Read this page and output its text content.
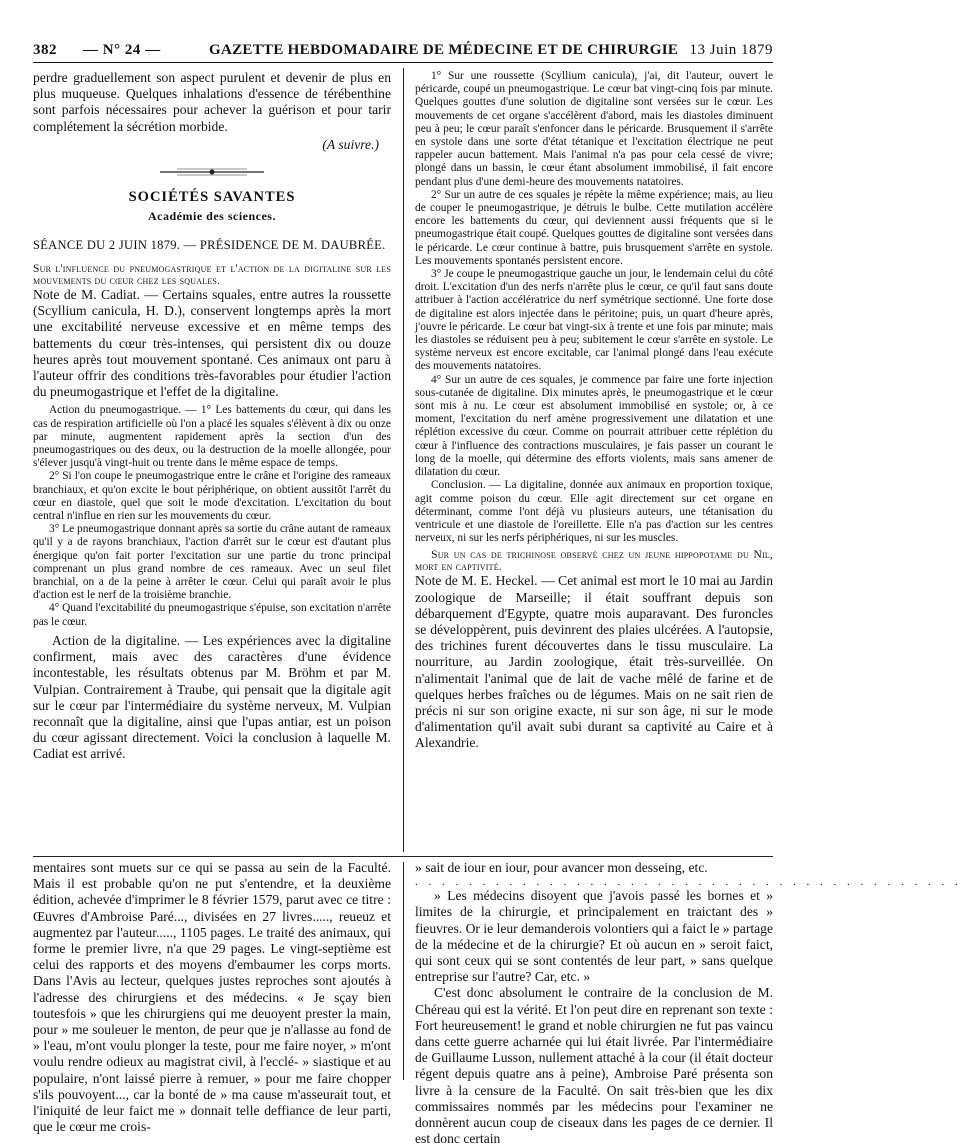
382 — N° 24 —	GAZETTE HEBDOMADAIRE DE MÉDECINE ET DE CHIRURGIE 13 Juin 1879

perdre graduellement son aspect purulent et devenir de plus en plus muqueuse. Quelques inhalations d'essence de térébenthine sont parfois nécessaires pour achever la guérison et pour tarir complétement la sécrétion morbide.

(A suivre.)

SOCIÉTÉS SAVANTES
Académie des sciences.
SÉANCE DU 2 JUIN 1879. — PRÉSIDENCE DE M. DAUBRÉE.

Sur l'influence du pneumogastrique et l'action de la digitaline sur les mouvements du cœur chez les squales.

Note de M. Cadiat. — Certains squales, entre autres la roussette (Scyllium canicula, H. D.), conservent longtemps après la mort une excitabilité nerveuse excessive et en même temps des battements du cœur très-intenses, qui persistent dix ou douze heures après tout mouvement spontané. Ces animaux ont paru à l'auteur offrir des conditions très-favorables pour étudier l'action du pneumogastrique et l'effet de la digitaline.

Action du pneumogastrique. — 1° Les battements du cœur, qui dans les cas de respiration artificielle où l'on a placé les squales s'élèvent à dix ou onze par minute, augmentent rapidement après la section d'un des pneumogastriques ou des deux, ou la destruction de la moelle allongée, pour s'élever jusqu'à vingt-huit ou trente dans le même espace de temps.

2° Si l'on coupe le pneumogastrique entre le crâne et l'origine des rameaux branchiaux, et qu'on excite le bout périphérique, on obtient aussitôt l'arrêt du cœur en diastole, quel que soit le mode d'excitation. L'excitation du bout central n'influe en rien sur les mouvements du cœur.

3° Le pneumogastrique donnant après sa sortie du crâne autant de rameaux qu'il y a de rayons branchiaux, l'action d'arrêt sur le cœur est d'autant plus énergique qu'on fait porter l'excitation sur une partie du tronc principal comprenant un plus grand nombre de ces rameaux. Avec un seul filet branchial, on a de la peine à arrêter le cœur. Celui qui paraît avoir le plus d'action est le nerf de la troisième branchie.

4° Quand l'excitabilité du pneumogastrique s'épuise, son excitation n'arrête pas le cœur.

Action de la digitaline. — Les expériences avec la digitaline confirment, mais avec des caractères d'une évidence incontestable, les résultats obtenus par M. Bröhm et par M. Vulpian. Contrairement à Traube, qui pensait que la digitale agit sur le cœur par l'intermédiaire du système nerveux, M. Vulpian reconnaît que la digitaline, ainsi que l'upas antiar, est un poison du cœur agissant directement. Voici la conclusion à laquelle M. Cadiat est arrivé.

1° Sur une roussette (Scyllium canicula), j'ai, dit l'auteur, ouvert le péricarde, coupé un pneumogastrique. Le cœur bat vingt-cinq fois par minute. Quelques gouttes d'une solution de digitaline sont versées sur le cœur. Les mouvements de cet organe s'accélèrent d'abord, mais les diastoles diminuent peu à peu; le cœur paraît s'enfoncer dans le péricarde. Brusquement il s'arrête en systole dans une sorte d'état tétanique et l'excitation électrique ne peut rappeler aucun battement. Mais l'animal n'a pas pour cela cessé de vivre; plongé dans un bassin, le cœur étant absolument immobilisé, il fait encore pendant plus d'une demi-heure des mouvements natatoires.

2° Sur un autre de ces squales je répète la même expérience; mais, au lieu de couper le pneumogastrique, je détruis le bulbe. Cette mutilation accélère encore les battements du cœur, qui deviennent aussi fréquents que si le pneumogastrique était coupé. Quelques gouttes de digitaline sont versées dans le péricarde. Le cœur continue à battre, puis brusquement s'arrête en systole. Les mouvements spontanés persistent encore.

3° Je coupe le pneumogastrique gauche un jour, le lendemain celui du côté droit. L'excitation d'un des nerfs n'arrête plus le cœur, ce qu'il faut sans doute attribuer à l'action accélératrice du nerf symétrique sectionné. Une forte dose de digitaline est alors injectée dans le péritoine; puis, un quart d'heure après, j'ouvre le péricarde. Le cœur bat vingt-six à trente et une fois par minute; mais les diastoles se réduisent peu à peu; subitement le cœur s'arrête en systole. Le système nerveux est encore excitable, car l'animal plongé dans l'eau exécute des mouvements natatoires.

4° Sur un autre de ces squales, je commence par faire une forte injection sous-cutanée de digitaline. Dix minutes après, le pneumogastrique et le cœur sont mis à nu. Le cœur est absolument immobilisé en systole; or, à ce moment, l'excitation du nerf amène progressivement une dilatation et une réplétion excessive du cœur. Comme on pourrait attribuer cette réplétion du cœur à l'influence des contractions musculaires, je fais passer un courant le long de la moelle, qui détermine des efforts violents, mais sans amener de dilatation du cœur.

Conclusion. — La digitaline, donnée aux animaux en proportion toxique, agit comme poison du cœur. Elle agit directement sur cet organe en déterminant, comme l'ont déjà vu plusieurs auteurs, une tétanisation du ventricule et une diastole de l'oreillette. Elle n'a pas d'action sur les centres nerveux, ni sur les nerfs périphériques, ni sur les muscles.

Sur un cas de trichinose observé chez un jeune hippopotame du Nil, mort en captivité.

Note de M. E. Heckel. — Cet animal est mort le 10 mai au Jardin zoologique de Marseille; il était souffrant depuis son débarquement d'Egypte, quatre mois auparavant. Des furoncles se développèrent, puis devinrent des plaies ulcérées. A l'autopsie, des trichines furent découvertes dans le tissu musculaire. La nourriture, au Jardin zoologique, était très-surveillée. On n'alimentait l'animal que de lait de vache mêlé de farine et de quelques herbes fraîches ou de légumes. Mais on ne sait rien de précis ni sur son origine exacte, ni sur son âge, ni sur le mode d'alimentation qu'il avait subi durant sa captivité au Caire et à Alexandrie.

mentaires sont muets sur ce qui se passa au sein de la Faculté. Mais il est probable qu'on ne put s'entendre, et la deuxième édition, achevée d'imprimer le 8 février 1579, parut avec ce titre : Œuvres d'Ambroise Paré..., divisées en 27 livres....., reueuz et augmentez par l'auteur....., 1105 pages. Le traité des animaux, qui forme le premier livre, n'a que 29 pages. Le vingt-septième est celui des rapports et des moyens d'embaumer les corps morts. Dans l'Avis au lecteur, quelques justes reproches sont ajoutés à l'adresse des chirurgiens et des médecins. « Je sçay bien toutesfois » que les chirurgiens qui me deuoyent prester la main, pour » me souleuer le menton, de peur que je n'allasse au fond de » l'eau, m'ont voulu plonger la teste, pour me faire noyer, » m'ont voulu rendre odieux au magistrat civil, à l'ecclé- » siastique et au populaire, n'ont laissé pierre à remuer, » pour me faire chopper s'ils pouvoyent..., car la bonté de » ma cause m'asseurait tout, et l'iniquité de leur faict me » donnait telle deffiance de leur parti, que le cœur me crois-

» sait de iour en iour, pour avancer mon desseing, etc.

. . . . . . . . . . . . . . . . . . . . . . . . . . . . . . . . . . . . . . . . .

» Les médecins disoyent que j'avois passé les bornes et » limites de la chirurgie, et principalement en traictant des » fieuvres. Or ie leur demanderois volontiers qui a faict le » partage de la médecine et de la chirurgie? Et où aucun en » seroit faict, qui sont ceux qui se sont contentés de leur part, » sans quelque entreprise sur l'autre? Car, etc. »

C'est donc absolument le contraire de la conclusion de M. Chéreau qui est la vérité. Et l'on peut dire en reprenant son texte : Fort heureusement! le grand et noble chirurgien ne fut pas vaincu dans cette guerre acharnée qui lui était livrée. Par l'intermédiaire de Guillaume Lusson, nullement attaché à la cour (il était docteur régent depuis quatre ans à peine), Ambroise Paré présenta son livre à la censure de la Faculté. On sait très-bien que les dix commissaires nommés par les médecins pour l'examiner ne donnèrent aucun coup de ciseaux dans les pages de ce dernier. Il est donc certain
